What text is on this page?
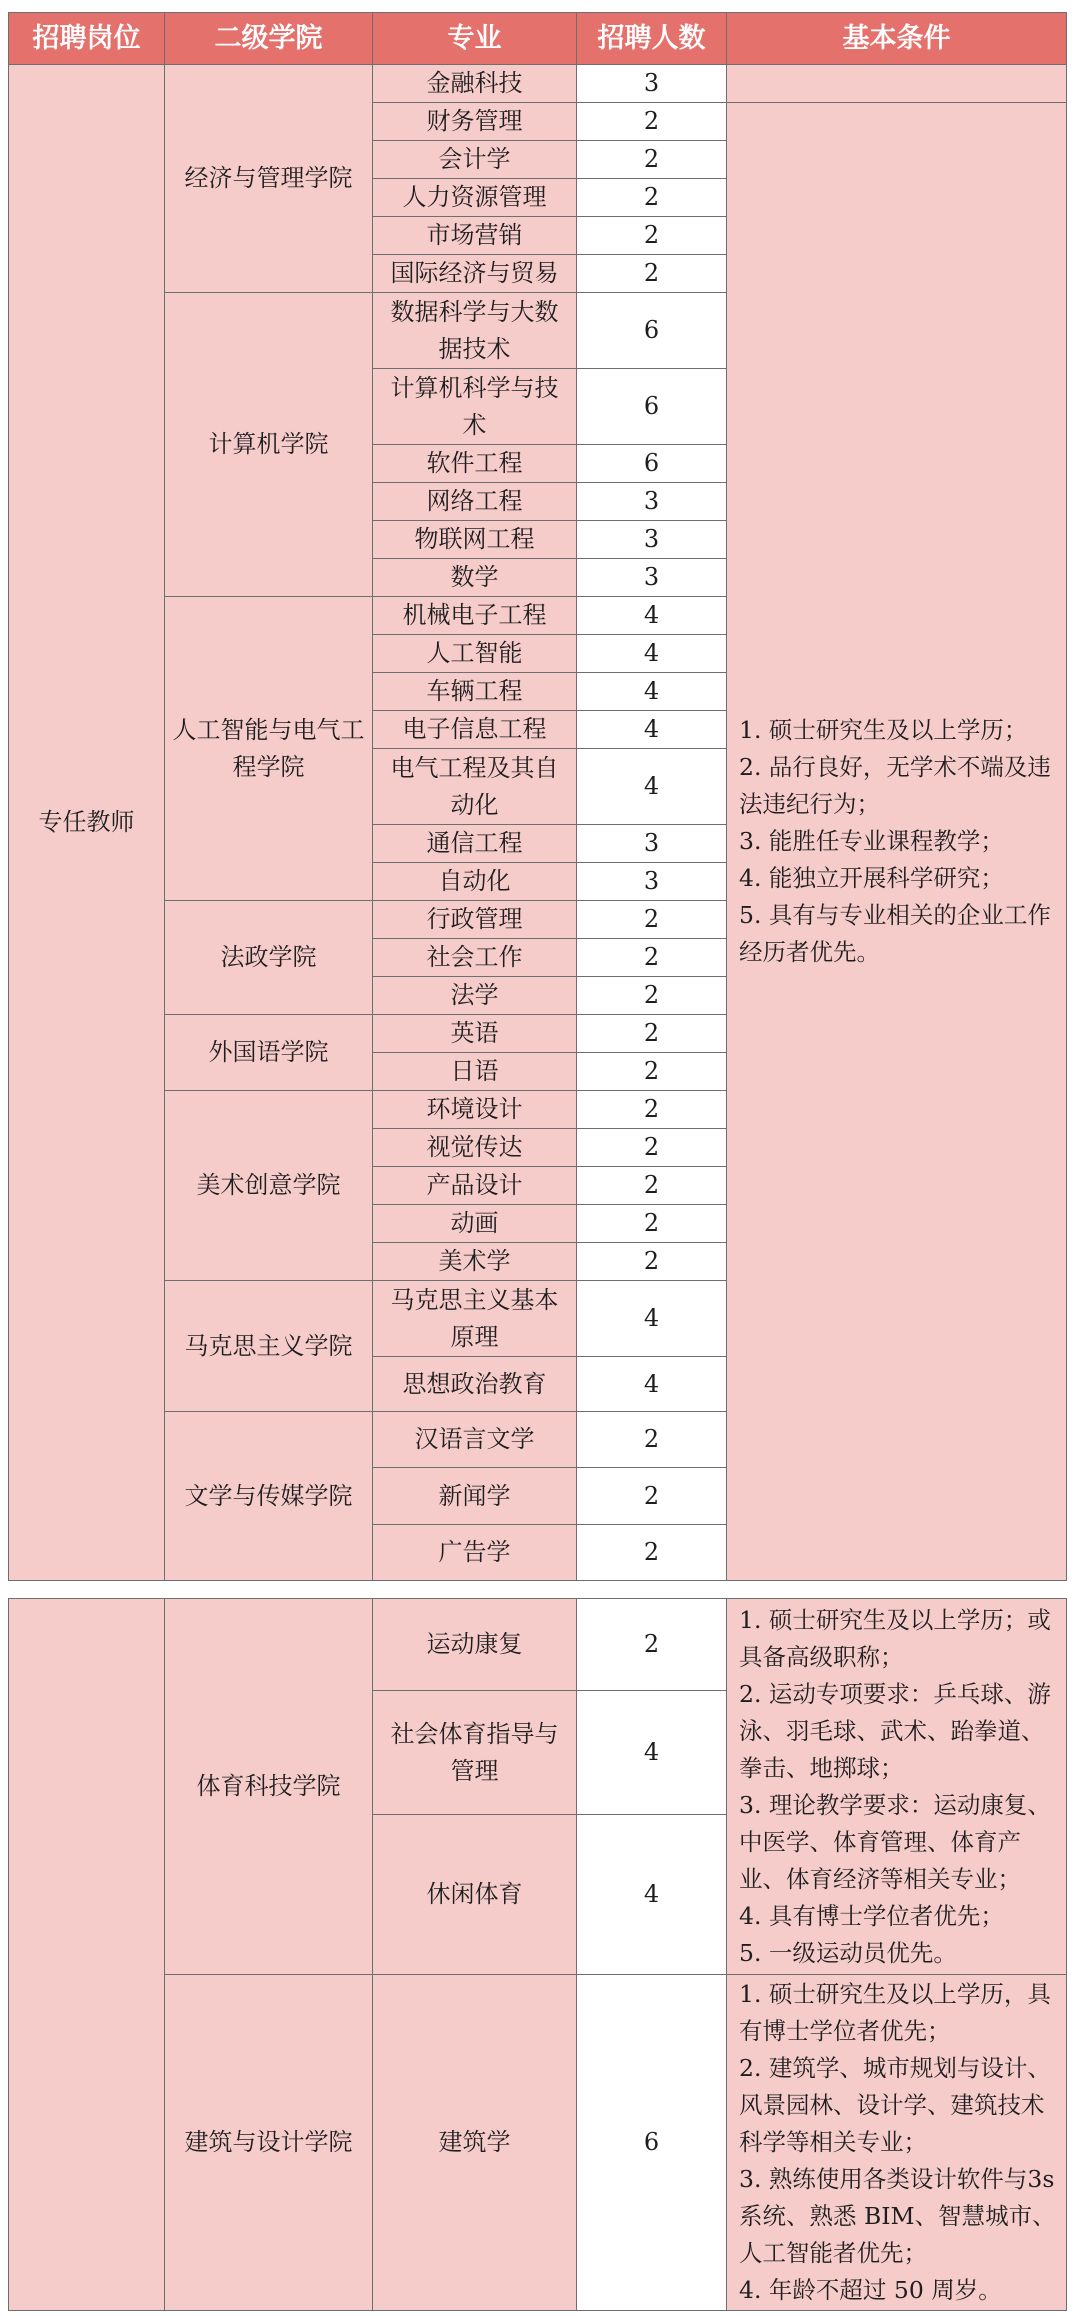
招聘岗位	二级学院	专业	招聘人数	基本条件
专任教师	经济与管理学院	金融科技	3	
		财务管理	2	1. 硕士研究生及以上学历；
2. 品行良好，无学术不端及违法违纪行为；
3. 能胜任专业课程教学；
4. 能独立开展科学研究；
5. 具有与专业相关的企业工作经历者优先。

		会计学	2	
		人力资源管理	2	
		市场营销	2	
		国际经济与贸易	2	
	计算机学院	数据科学与大数据技术	6	
		计算机科学与技术	6	
		软件工程	6	
		网络工程	3	
		物联网工程	3	
		数学	3	
	人工智能与电气工程学院	机械电子工程	4	
		人工智能	4	
		车辆工程	4	
		电子信息工程	4	
		电气工程及其自动化	4	
		通信工程	3	
		自动化	3	
	法政学院	行政管理	2	
		社会工作	2	
		法学	2	
	外国语学院	英语	2	
		日语	2	
	美术创意学院	环境设计	2	
		视觉传达	2	
		产品设计	2	
		动画	2	
		美术学	2	
	马克思主义学院	马克思主义基本原理	4	
		思想政治教育	4	
	文学与传媒学院	汉语言文学	2	
		新闻学	2	
		广告学	2	
	体育科技学院	运动康复	2	1. 硕士研究生及以上学历；或具备高级职称；
2. 运动专项要求：乒乓球、游泳、羽毛球、武术、跆拳道、拳击、地掷球；
3. 理论教学要求：运动康复、中医学、体育管理、体育产业、体育经济等相关专业；
4. 具有博士学位者优先；
5. 一级运动员优先。

		社会体育指导与管理	4	
		休闲体育	4	
	建筑与设计学院	建筑学	6	1. 硕士研究生及以上学历，具有博士学位者优先；
2. 建筑学、城市规划与设计、风景园林、设计学、建筑技术科学等相关专业；
3. 熟练使用各类设计软件与3s 系统、熟悉 BIM、智慧城市、人工智能者优先；
4. 年龄不超过 50 周岁。
